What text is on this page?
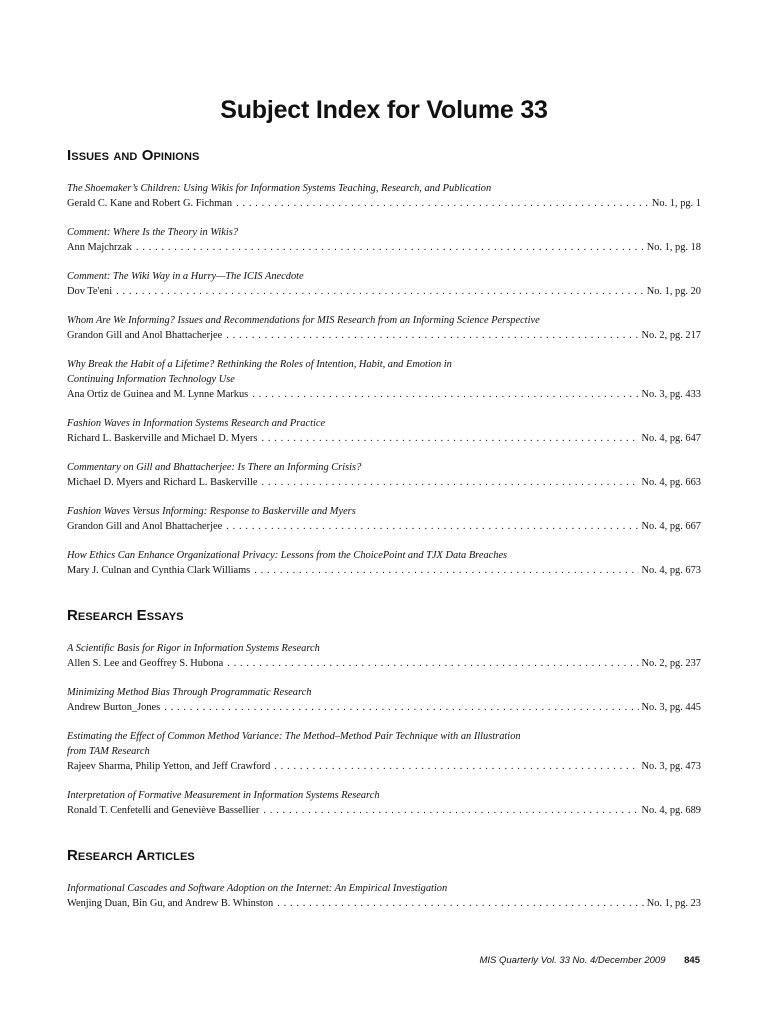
Subject Index for Volume 33
Issues and Opinions
The Shoemaker’s Children: Using Wikis for Information Systems Teaching, Research, and Publication
Gerald C. Kane and Robert G. Fichman . . .	No. 1, pg. 1
Comment: Where Is the Theory in Wikis?
Ann Majchrzak . . .	No. 1, pg. 18
Comment: The Wiki Way in a Hurry—The ICIS Anecdote
Dov Te'eni . . .	No. 1, pg. 20
Whom Are We Informing? Issues and Recommendations for MIS Research from an Informing Science Perspective
Grandon Gill and Anol Bhattacherjee . . .	No. 2, pg. 217
Why Break the Habit of a Lifetime? Rethinking the Roles of Intention, Habit, and Emotion in
Continuing Information Technology Use
Ana Ortiz de Guinea and M. Lynne Markus . . .	No. 3, pg. 433
Fashion Waves in Information Systems Research and Practice
Richard L. Baskerville and Michael D. Myers . . .	No. 4, pg. 647
Commentary on Gill and Bhattacherjee: Is There an Informing Crisis?
Michael D. Myers and Richard L. Baskerville . . .	No. 4, pg. 663
Fashion Waves Versus Informing: Response to Baskerville and Myers
Grandon Gill and Anol Bhattacherjee . . .	No. 4, pg. 667
How Ethics Can Enhance Organizational Privacy: Lessons from the ChoicePoint and TJX Data Breaches
Mary J. Culnan and Cynthia Clark Williams . . .	No. 4, pg. 673
Research Essays
A Scientific Basis for Rigor in Information Systems Research
Allen S. Lee and Geoffrey S. Hubona . . .	No. 2, pg. 237
Minimizing Method Bias Through Programmatic Research
Andrew Burton_Jones . . .	No. 3, pg. 445
Estimating the Effect of Common Method Variance: The Method–Method Pair Technique with an Illustration
from TAM Research
Rajeev Sharma, Philip Yetton, and Jeff Crawford . . .	No. 3, pg. 473
Interpretation of Formative Measurement in Information Systems Research
Ronald T. Cenfetelli and Geneviève Bassellier . . .	No. 4, pg. 689
Research Articles
Informational Cascades and Software Adoption on the Internet: An Empirical Investigation
Wenjing Duan, Bin Gu, and Andrew B. Whinston . . .	No. 1, pg. 23
MIS Quarterly Vol. 33 No. 4/December 2009 845
